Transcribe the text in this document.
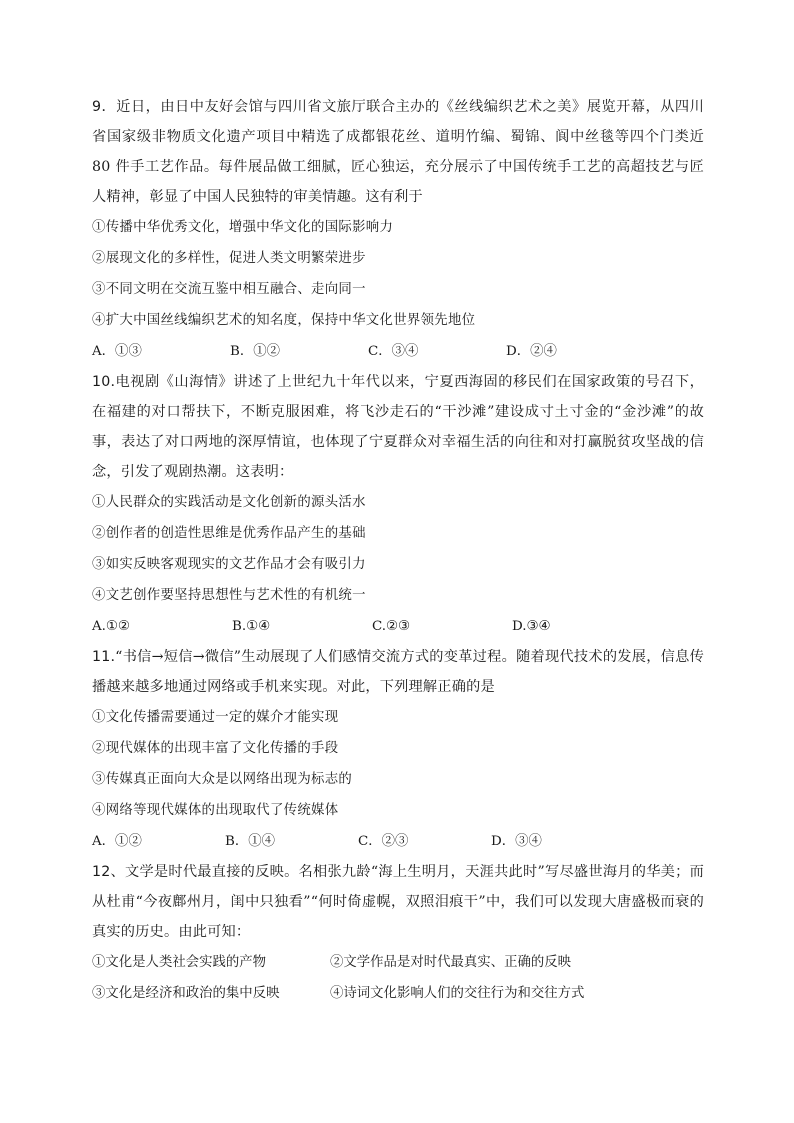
9．近日，由日中友好会馆与四川省文旅厅联合主办的《丝线编织艺术之美》展览开幕，从四川省国家级非物质文化遗产项目中精选了成都银花丝、道明竹编、蜀锦、阆中丝毯等四个门类近 80 件手工艺作品。每件展品做工细腻，匠心独运，充分展示了中国传统手工艺的高超技艺与匠人精神，彰显了中国人民独特的审美情趣。这有利于

①传播中华优秀文化，增强中华文化的国际影响力

②展现文化的多样性，促进人类文明繁荣进步

③不同文明在交流互鉴中相互融合、走向同一

④扩大中国丝线编织艺术的知名度，保持中华文化世界领先地位

A．①③	B．①②	C．③④	D．②④

10.电视剧《山海情》讲述了上世纪九十年代以来，宁夏西海固的移民们在国家政策的号召下，在福建的对口帮扶下，不断克服困难，将飞沙走石的“干沙滩”建设成寸土寸金的“金沙滩”的故事，表达了对口两地的深厚情谊，也体现了宁夏群众对幸福生活的向往和对打赢脱贫攻坚战的信念，引发了观剧热潮。这表明：

①人民群众的实践活动是文化创新的源头活水

②创作者的创造性思维是优秀作品产生的基础

③如实反映客观现实的文艺作品才会有吸引力

④文艺创作要坚持思想性与艺术性的有机统一

A.①②	B.①④	C.②③	D.③④

11.“书信→短信→微信”生动展现了人们感情交流方式的变革过程。随着现代技术的发展，信息传播越来越多地通过网络或手机来实现。对此，下列理解正确的是

①文化传播需要通过一定的媒介才能实现

②现代媒体的出现丰富了文化传播的手段

③传媒真正面向大众是以网络出现为标志的

④网络等现代媒体的出现取代了传统媒体

A．①②	B．①④	C．②③	D．③④

12、文学是时代最直接的反映。名相张九龄“海上生明月，天涯共此时”写尽盛世海月的华美；而从杜甫“今夜鄜州月，闺中只独看”“何时倚虚幌，双照泪痕干”中，我们可以发现大唐盛极而衰的真实的历史。由此可知：

①文化是人类社会实践的产物	②文学作品是对时代最真实、正确的反映
③文化是经济和政治的集中反映	④诗词文化影响人们的交往行为和交往方式
